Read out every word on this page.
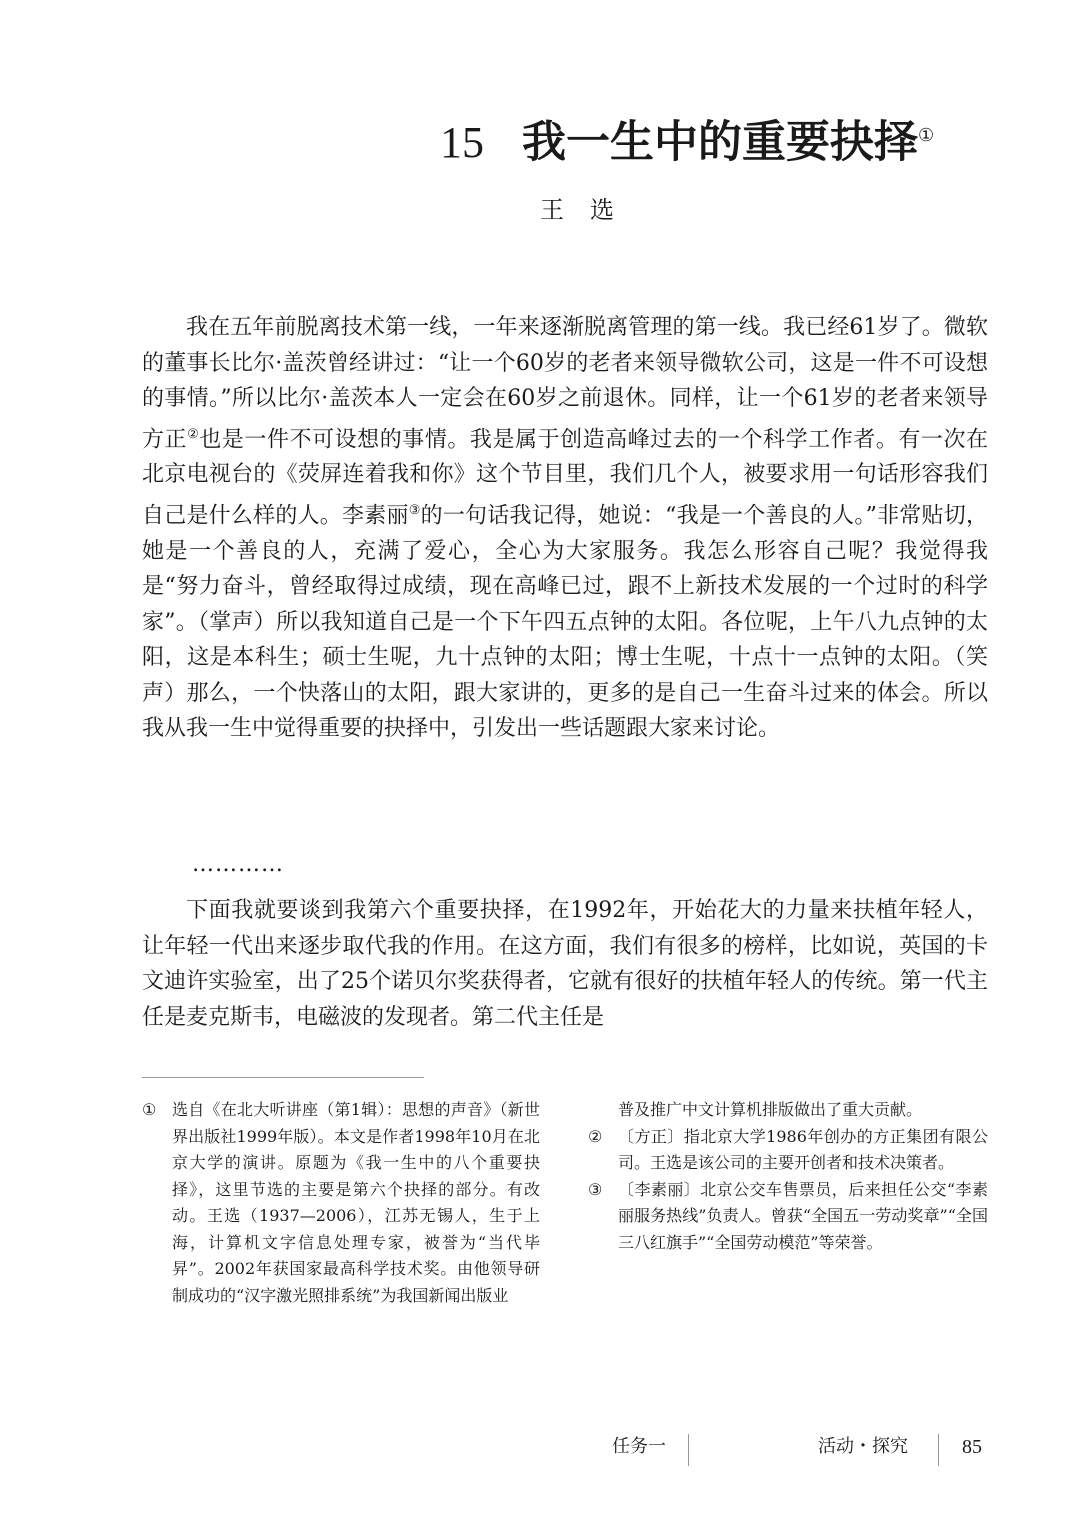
15 我一生中的重要抉择①
王 选

我在五年前脱离技术第一线，一年来逐渐脱离管理的第一线。我已经61岁了。微软的董事长比尔·盖茨曾经讲过：“让一个60岁的老者来领导微软公司，这是一件不可设想的事情。”所以比尔·盖茨本人一定会在60岁之前退休。同样，让一个61岁的老者来领导方正②也是一件不可设想的事情。我是属于创造高峰过去的一个科学工作者。有一次在北京电视台的《荧屏连着我和你》这个节目里，我们几个人，被要求用一句话形容我们自己是什么样的人。李素丽③的一句话我记得，她说：“我是一个善良的人。”非常贴切，她是一个善良的人，充满了爱心，全心为大家服务。我怎么形容自己呢？我觉得我是“努力奋斗，曾经取得过成绩，现在高峰已过，跟不上新技术发展的一个过时的科学家”。（掌声）所以我知道自己是一个下午四五点钟的太阳。各位呢，上午八九点钟的太阳，这是本科生；硕士生呢，九十点钟的太阳；博士生呢，十点十一点钟的太阳。（笑声）那么，一个快落山的太阳，跟大家讲的，更多的是自己一生奋斗过来的体会。所以我从我一生中觉得重要的抉择中，引发出一些话题跟大家来讨论。

…………

下面我就要谈到我第六个重要抉择，在1992年，开始花大的力量来扶植年轻人，让年轻一代出来逐步取代我的作用。在这方面，我们有很多的榜样，比如说，英国的卡文迪许实验室，出了25个诺贝尔奖获得者，它就有很好的扶植年轻人的传统。第一代主任是麦克斯韦，电磁波的发现者。第二代主任是

① 选自《在北大听讲座（第1辑）：思想的声音》（新世界出版社1999年版）。本文是作者1998年10月在北京大学的演讲。原题为《我一生中的八个重要抉择》，这里节选的主要是第六个抉择的部分。有改动。王选（1937—2006），江苏无锡人，生于上海，计算机文字信息处理专家，被誉为“当代毕昇”。2002年获国家最高科学技术奖。由他领导研制成功的“汉字激光照排系统”为我国新闻出版业
普及推广中文计算机排版做出了重大贡献。
② 〔方正〕指北京大学1986年创办的方正集团有限公司。王选是该公司的主要开创者和技术决策者。
③ 〔李素丽〕北京公交车售票员，后来担任公交“李素丽服务热线”负责人。曾获“全国五一劳动奖章”“全国三八红旗手”“全国劳动模范”等荣誉。
任务一	活动・探究	85
